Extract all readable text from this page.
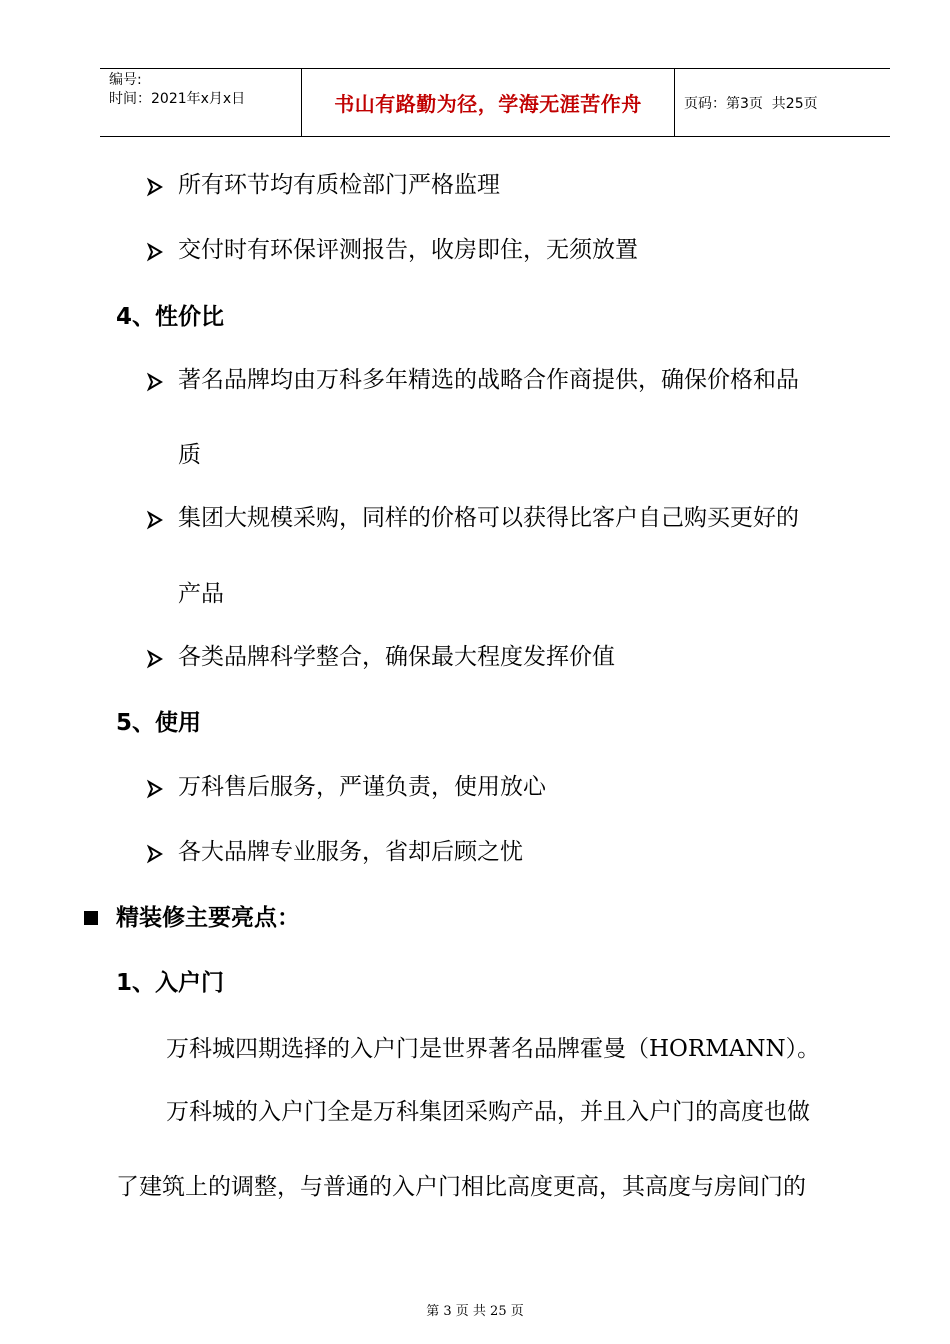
编号:
时间：2021年x月x日	书山有路勤为径，学海无涯苦作舟	页码：第3页  共25页
所有环节均有质检部门严格监理
交付时有环保评测报告，收房即住，无须放置
4、性价比
著名品牌均由万科多年精选的战略合作商提供，确保价格和品
质
集团大规模采购，同样的价格可以获得比客户自己购买更好的
产品
各类品牌科学整合，确保最大程度发挥价值
5、使用
万科售后服务，严谨负责，使用放心
各大品牌专业服务，省却后顾之忧
精装修主要亮点：
1、入户门
万科城四期选择的入户门是世界著名品牌霍曼（HORMANN）。
万科城的入户门全是万科集团采购产品，并且入户门的高度也做
了建筑上的调整，与普通的入户门相比高度更高，其高度与房间门的
第 3 页 共 25 页
